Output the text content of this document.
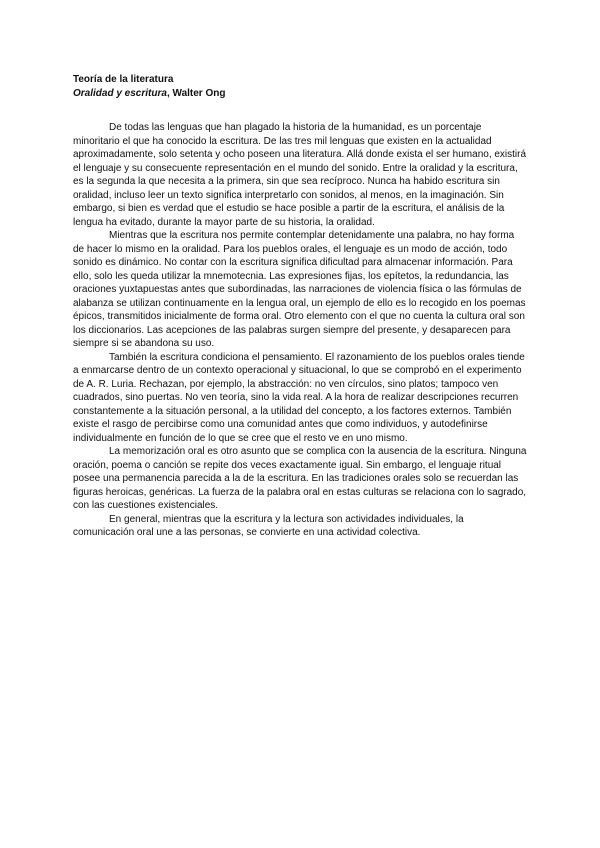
Teoría de la literatura
Oralidad y escritura, Walter Ong

De todas las lenguas que han plagado la historia de la humanidad, es un porcentaje minoritario el que ha conocido la escritura. De las tres mil lenguas que existen en la actualidad aproximadamente, solo setenta y ocho poseen una literatura. Allá donde exista el ser humano, existirá el lenguaje y su consecuente representación en el mundo del sonido. Entre la oralidad y la escritura, es la segunda la que necesita a la primera, sin que sea recíproco. Nunca ha habido escritura sin oralidad, incluso leer un texto significa interpretarlo con sonidos, al menos, en la imaginación. Sin embargo, si bien es verdad que el estudio se hace posible a partir de la escritura, el análisis de la lengua ha evitado, durante la mayor parte de su historia, la oralidad.

Mientras que la escritura nos permite contemplar detenidamente una palabra, no hay forma de hacer lo mismo en la oralidad. Para los pueblos orales, el lenguaje es un modo de acción, todo sonido es dinámico. No contar con la escritura significa dificultad para almacenar información. Para ello, solo les queda utilizar la mnemotecnia. Las expresiones fijas, los epítetos, la redundancia, las oraciones yuxtapuestas antes que subordinadas, las narraciones de violencia física o las fórmulas de alabanza se utilizan continuamente en la lengua oral, un ejemplo de ello es lo recogido en los poemas épicos, transmitidos inicialmente de forma oral. Otro elemento con el que no cuenta la cultura oral son los diccionarios. Las acepciones de las palabras surgen siempre del presente, y desaparecen para siempre si se abandona su uso.

También la escritura condiciona el pensamiento. El razonamiento de los pueblos orales tiende a enmarcarse dentro de un contexto operacional y situacional, lo que se comprobó en el experimento de A. R. Luria. Rechazan, por ejemplo, la abstracción: no ven círculos, sino platos; tampoco ven cuadrados, sino puertas. No ven teoría, sino la vida real. A la hora de realizar descripciones recurren constantemente a la situación personal, a la utilidad del concepto, a los factores externos. También existe el rasgo de percibirse como una comunidad antes que como individuos, y autodefinirse individualmente en función de lo que se cree que el resto ve en uno mismo.

La memorización oral es otro asunto que se complica con la ausencia de la escritura. Ninguna oración, poema o canción se repite dos veces exactamente igual. Sin embargo, el lenguaje ritual posee una permanencia parecida a la de la escritura. En las tradiciones orales solo se recuerdan las figuras heroicas, genéricas. La fuerza de la palabra oral en estas culturas se relaciona con lo sagrado, con las cuestiones existenciales.

En general, mientras que la escritura y la lectura son actividades individuales, la comunicación oral une a las personas, se convierte en una actividad colectiva.
